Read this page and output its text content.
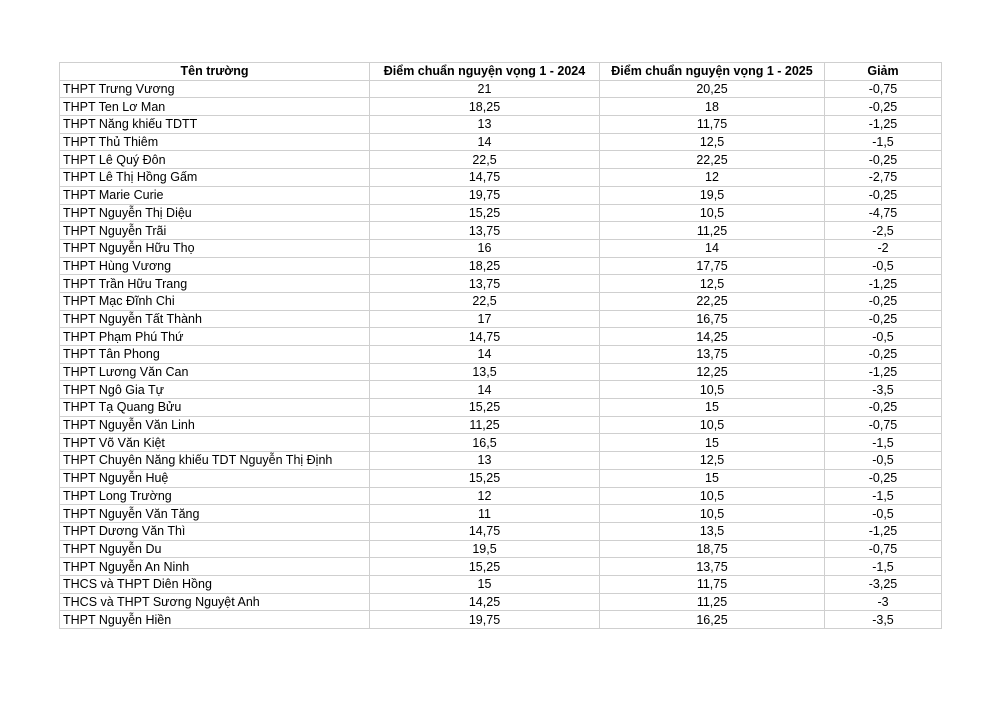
Tên trường	Điểm chuẩn nguyện vọng 1 - 2024	Điểm chuẩn nguyện vọng 1 - 2025	Giảm
THPT Trưng Vương	21	20,25	-0,75
THPT Ten Lơ Man	18,25	18	-0,25
THPT Năng khiếu TDTT	13	11,75	-1,25
THPT Thủ Thiêm	14	12,5	-1,5
THPT Lê Quý Đôn	22,5	22,25	-0,25
THPT Lê Thị Hồng Gấm	14,75	12	-2,75
THPT Marie Curie	19,75	19,5	-0,25
THPT Nguyễn Thị Diệu	15,25	10,5	-4,75
THPT Nguyễn Trãi	13,75	11,25	-2,5
THPT Nguyễn Hữu Thọ	16	14	-2
THPT Hùng Vương	18,25	17,75	-0,5
THPT Trần Hữu Trang	13,75	12,5	-1,25
THPT Mạc Đĩnh Chi	22,5	22,25	-0,25
THPT Nguyễn Tất Thành	17	16,75	-0,25
THPT Phạm Phú Thứ	14,75	14,25	-0,5
THPT Tân Phong	14	13,75	-0,25
THPT Lương Văn Can	13,5	12,25	-1,25
THPT Ngô Gia Tự	14	10,5	-3,5
THPT Tạ Quang Bửu	15,25	15	-0,25
THPT Nguyễn Văn Linh	11,25	10,5	-0,75
THPT Võ Văn Kiệt	16,5	15	-1,5
THPT Chuyên Năng khiếu TDT Nguyễn Thị Định	13	12,5	-0,5
THPT Nguyễn Huệ	15,25	15	-0,25
THPT Long Trường	12	10,5	-1,5
THPT Nguyễn Văn Tăng	11	10,5	-0,5
THPT Dương Văn Thì	14,75	13,5	-1,25
THPT Nguyễn Du	19,5	18,75	-0,75
THPT Nguyễn An Ninh	15,25	13,75	-1,5
THCS và THPT Diên Hồng	15	11,75	-3,25
THCS và THPT Sương Nguyệt Anh	14,25	11,25	-3
THPT Nguyễn Hiền	19,75	16,25	-3,5
